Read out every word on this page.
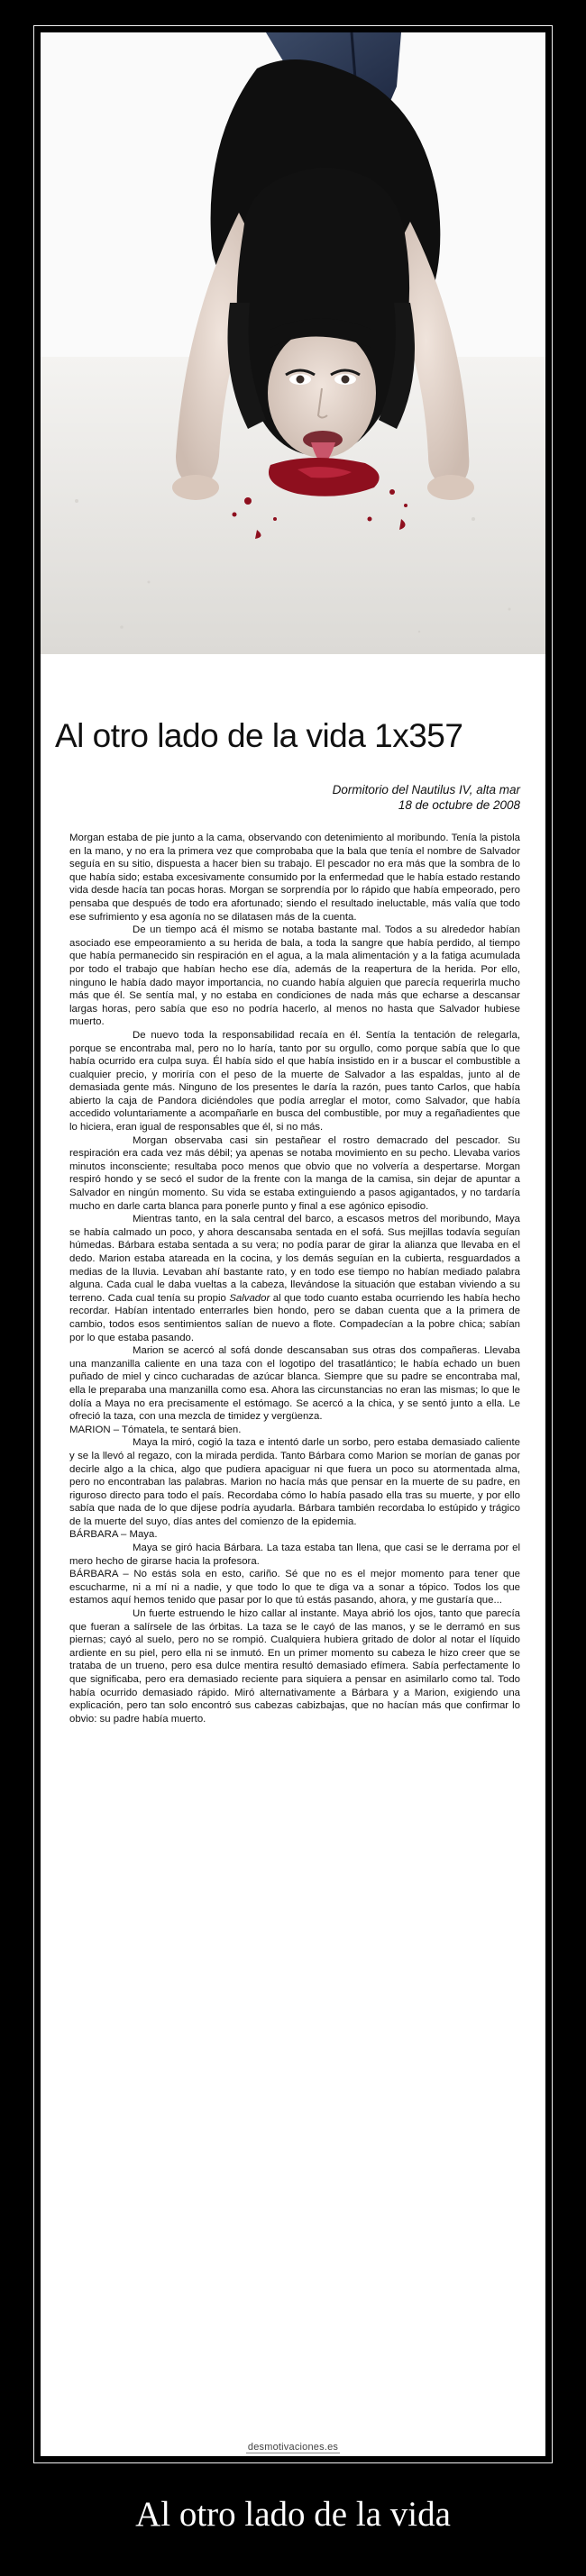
Al otro lado de la vida 1x357
Dormitorio del Nautilus IV, alta mar
18 de octubre de 2008

Morgan estaba de pie junto a la cama, observando con detenimiento al moribundo. Tenía la pistola en la mano, y no era la primera vez que comprobaba que la bala que tenía el nombre de Salvador seguía en su sitio, dispuesta a hacer bien su trabajo. El pescador no era más que la sombra de lo que había sido; estaba excesivamente consumido por la enfermedad que le había estado restando vida desde hacía tan pocas horas. Morgan se sorprendía por lo rápido que había empeorado, pero pensaba que después de todo era afortunado; siendo el resultado ineluctable, más valía que todo ese sufrimiento y esa agonía no se dilatasen más de la cuenta.

De un tiempo acá él mismo se notaba bastante mal. Todos a su alrededor habían asociado ese empeoramiento a su herida de bala, a toda la sangre que había perdido, al tiempo que había permanecido sin respiración en el agua, a la mala alimentación y a la fatiga acumulada por todo el trabajo que habían hecho ese día, además de la reapertura de la herida. Por ello, ninguno le había dado mayor importancia, no cuando había alguien que parecía requerirla mucho más que él. Se sentía mal, y no estaba en condiciones de nada más que echarse a descansar largas horas, pero sabía que eso no podría hacerlo, al menos no hasta que Salvador hubiese muerto.

De nuevo toda la responsabilidad recaía en él. Sentía la tentación de relegarla, porque se encontraba mal, pero no lo haría, tanto por su orgullo, como porque sabía que lo que había ocurrido era culpa suya. Él había sido el que había insistido en ir a buscar el combustible a cualquier precio, y moriría con el peso de la muerte de Salvador a las espaldas, junto al de demasiada gente más. Ninguno de los presentes le daría la razón, pues tanto Carlos, que había abierto la caja de Pandora diciéndoles que podía arreglar el motor, como Salvador, que había accedido voluntariamente a acompañarle en busca del combustible, por muy a regañadientes que lo hiciera, eran igual de responsables que él, si no más.

Morgan observaba casi sin pestañear el rostro demacrado del pescador. Su respiración era cada vez más débil; ya apenas se notaba movimiento en su pecho. Llevaba varios minutos inconsciente; resultaba poco menos que obvio que no volvería a despertarse. Morgan respiró hondo y se secó el sudor de la frente con la manga de la camisa, sin dejar de apuntar a Salvador en ningún momento. Su vida se estaba extinguiendo a pasos agigantados, y no tardaría mucho en darle carta blanca para ponerle punto y final a ese agónico episodio.

Mientras tanto, en la sala central del barco, a escasos metros del moribundo, Maya se había calmado un poco, y ahora descansaba sentada en el sofá. Sus mejillas todavía seguían húmedas. Bárbara estaba sentada a su vera; no podía parar de girar la alianza que llevaba en el dedo. Marion estaba atareada en la cocina, y los demás seguían en la cubierta, resguardados a medias de la lluvia. Levaban ahí bastante rato, y en todo ese tiempo no habían mediado palabra alguna. Cada cual le daba vueltas a la cabeza, llevándose la situación que estaban viviendo a su terreno. Cada cual tenía su propio Salvador al que todo cuanto estaba ocurriendo les había hecho recordar. Habían intentado enterrarles bien hondo, pero se daban cuenta que a la primera de cambio, todos esos sentimientos salían de nuevo a flote. Compadecían a la pobre chica; sabían por lo que estaba pasando.

Marion se acercó al sofá donde descansaban sus otras dos compañeras. Llevaba una manzanilla caliente en una taza con el logotipo del trasatlántico; le había echado un buen puñado de miel y cinco cucharadas de azúcar blanca. Siempre que su padre se encontraba mal, ella le preparaba una manzanilla como esa. Ahora las circunstancias no eran las mismas; lo que le dolía a Maya no era precisamente el estómago. Se acercó a la chica, y se sentó junto a ella. Le ofreció la taza, con una mezcla de timidez y vergüenza.

MARION – Tómatela, te sentará bien.

Maya la miró, cogió la taza e intentó darle un sorbo, pero estaba demasiado caliente y se la llevó al regazo, con la mirada perdida. Tanto Bárbara como Marion se morían de ganas por decirle algo a la chica, algo que pudiera apaciguar ni que fuera un poco su atormentada alma, pero no encontraban las palabras. Marion no hacía más que pensar en la muerte de su padre, en riguroso directo para todo el país. Recordaba cómo lo había pasado ella tras su muerte, y por ello sabía que nada de lo que dijese podría ayudarla. Bárbara también recordaba lo estúpido y trágico de la muerte del suyo, días antes del comienzo de la epidemia.

BÁRBARA – Maya.

Maya se giró hacia Bárbara. La taza estaba tan llena, que casi se le derrama por el mero hecho de girarse hacia la profesora.

BÁRBARA – No estás sola en esto, cariño. Sé que no es el mejor momento para tener que escucharme, ni a mí ni a nadie, y que todo lo que te diga va a sonar a tópico. Todos los que estamos aquí hemos tenido que pasar por lo que tú estás pasando, ahora, y me gustaría que...

Un fuerte estruendo le hizo callar al instante. Maya abrió los ojos, tanto que parecía que fueran a salírsele de las órbitas. La taza se le cayó de las manos, y se le derramó en sus piernas; cayó al suelo, pero no se rompió. Cualquiera hubiera gritado de dolor al notar el líquido ardiente en su piel, pero ella ni se inmutó. En un primer momento su cabeza le hizo creer que se trataba de un trueno, pero esa dulce mentira resultó demasiado efímera. Sabía perfectamente lo que significaba, pero era demasiado reciente para siquiera a pensar en asimilarlo como tal. Todo había ocurrido demasiado rápido. Miró alternativamente a Bárbara y a Marion, exigiendo una explicación, pero tan solo encontró sus cabezas cabizbajas, que no hacían más que confirmar lo obvio: su padre había muerto.

desmotivaciones.es
Al otro lado de la vida
